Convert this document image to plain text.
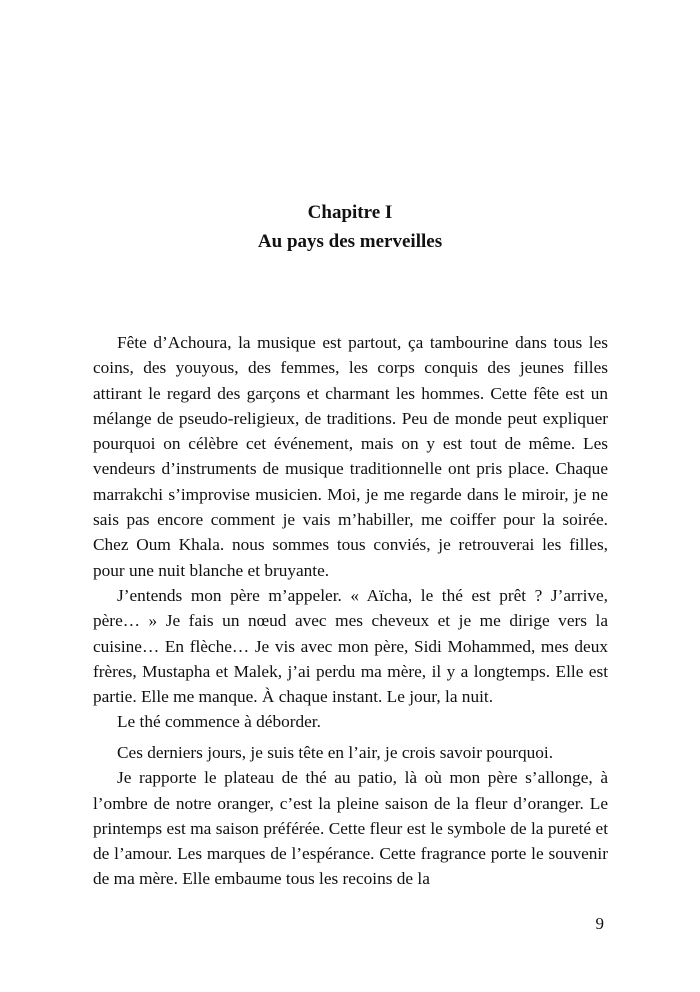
Chapitre I
Au pays des merveilles

Fête d’Achoura, la musique est partout, ça tambourine dans tous les coins, des youyous, des femmes, les corps conquis des jeunes filles attirant le regard des garçons et charmant les hommes. Cette fête est un mélange de pseudo-religieux, de traditions. Peu de monde peut expliquer pourquoi on célèbre cet événement, mais on y est tout de même. Les vendeurs d’instruments de musique traditionnelle ont pris place. Chaque marrakchi s’improvise musicien. Moi, je me regarde dans le miroir, je ne sais pas encore comment je vais m’habiller, me coiffer pour la soirée. Chez Oum Khala. nous sommes tous conviés, je retrouverai les filles, pour une nuit blanche et bruyante.

J’entends mon père m’appeler. « Aïcha, le thé est prêt ? J’arrive, père… » Je fais un nœud avec mes cheveux et je me dirige vers la cuisine… En flèche… Je vis avec mon père, Sidi Mohammed, mes deux frères, Mustapha et Malek, j’ai perdu ma mère, il y a longtemps. Elle est partie. Elle me manque. À chaque instant. Le jour, la nuit.

Le thé commence à déborder.

Ces derniers jours, je suis tête en l’air, je crois savoir pourquoi.

Je rapporte le plateau de thé au patio, là où mon père s’allonge, à l’ombre de notre oranger, c’est la pleine saison de la fleur d’oranger. Le printemps est ma saison préférée. Cette fleur est le symbole de la pureté et de l’amour. Les marques de l’espérance. Cette fragrance porte le souvenir de ma mère. Elle embaume tous les recoins de la

9
